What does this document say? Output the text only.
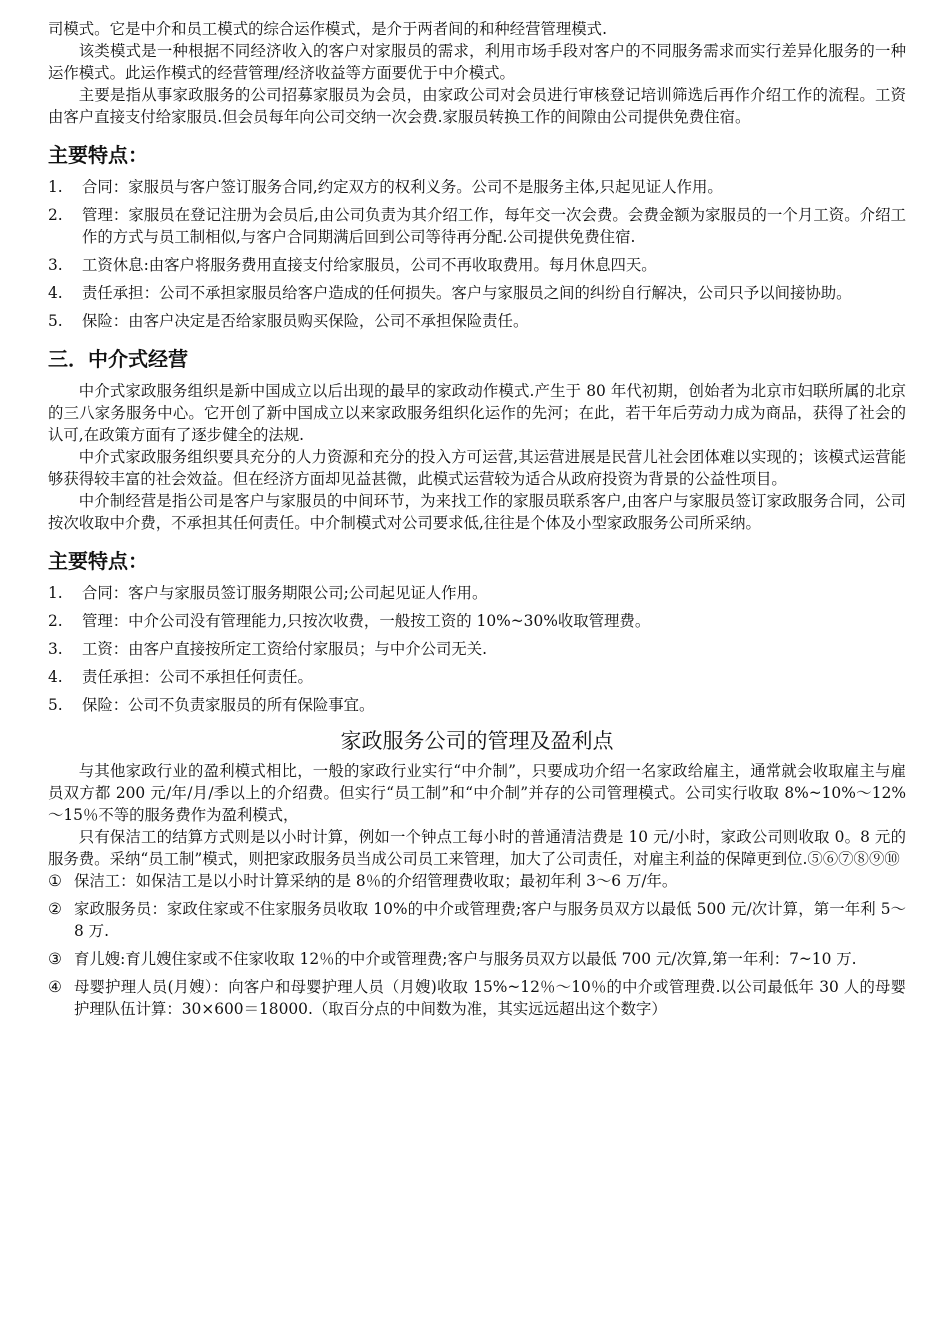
司模式。它是中介和员工模式的综合运作模式，是介于两者间的和种经营管理模式.

该类模式是一种根据不同经济收入的客户对家服员的需求，利用市场手段对客户的不同服务需求而实行差异化服务的一种运作模式。此运作模式的经营管理/经济收益等方面要优于中介模式。

主要是指从事家政服务的公司招募家服员为会员，由家政公司对会员进行审核登记培训筛选后再作介绍工作的流程。工资由客户直接支付给家服员.但会员每年向公司交纳一次会费.家服员转换工作的间隙由公司提供免费住宿。

主要特点：
1.	合同：家服员与客户签订服务合同,约定双方的权利义务。公司不是服务主体,只起见证人作用。
2.	管理：家服员在登记注册为会员后,由公司负责为其介绍工作，每年交一次会费。会费金额为家服员的一个月工资。介绍工作的方式与员工制相似,与客户合同期满后回到公司等待再分配.公司提供免费住宿.
3.	工资休息:由客户将服务费用直接支付给家服员，公司不再收取费用。每月休息四天。
4.	责任承担：公司不承担家服员给客户造成的任何损失。客户与家服员之间的纠纷自行解决，公司只予以间接协助。
5.	保险：由客户决定是否给家服员购买保险，公司不承担保险责任。
三．中介式经营

中介式家政服务组织是新中国成立以后出现的最早的家政动作模式.产生于 80 年代初期，创始者为北京市妇联所属的北京的三八家务服务中心。它开创了新中国成立以来家政服务组织化运作的先河；在此，若干年后劳动力成为商品，获得了社会的认可,在政策方面有了逐步健全的法规.

中介式家政服务组织要具充分的人力资源和充分的投入方可运营,其运营进展是民营儿社会团体难以实现的；该模式运营能够获得较丰富的社会效益。但在经济方面却见益甚微，此模式运营较为适合从政府投资为背景的公益性项目。

中介制经营是指公司是客户与家服员的中间环节，为来找工作的家服员联系客户,由客户与家服员签订家政服务合同，公司按次收取中介费，不承担其任何责任。中介制模式对公司要求低,往往是个体及小型家政服务公司所采纳。

主要特点：
1.	合同：客户与家服员签订服务期限公司;公司起见证人作用。
2.	管理：中介公司没有管理能力,只按次收费，一般按工资的 10%~30%收取管理费。
3.	工资：由客户直接按所定工资给付家服员；与中介公司无关.
4.	责任承担：公司不承担任何责任。
5.	保险：公司不负责家服员的所有保险事宜。
家政服务公司的管理及盈利点

与其他家政行业的盈利模式相比，一般的家政行业实行“中介制”，只要成功介绍一名家政给雇主，通常就会收取雇主与雇员双方都 200 元/年/月/季以上的介绍费。但实行“员工制”和“中介制”并存的公司管理模式。公司实行收取 8%~10%～12%～15％不等的服务费作为盈利模式，

只有保洁工的结算方式则是以小时计算，例如一个钟点工每小时的普通清洁费是 10 元/小时，家政公司则收取 0。8 元的服务费。采纳“员工制”模式，则把家政服务员当成公司员工来管理，加大了公司责任，对雇主利益的保障更到位.⑤⑥⑦⑧⑨⑩

① 保洁工：如保洁工是以小时计算采纳的是 8％的介绍管理费收取；最初年利 3～6 万/年。
② 家政服务员：家政住家或不住家服务员收取 10%的中介或管理费;客户与服务员双方以最低 500 元/次计算，第一年利 5～8 万.
③ 育儿嫂:育儿嫂住家或不住家收取 12％的中介或管理费;客户与服务员双方以最低 700 元/次算,第一年利：7~10 万.
④ 母婴护理人员(月嫂）：向客户和母婴护理人员（月嫂)收取 15%~12％～10％的中介或管理费.以公司最低年 30 人的母婴护理队伍计算：30×600＝18000.（取百分点的中间数为准，其实远远超出这个数字）
